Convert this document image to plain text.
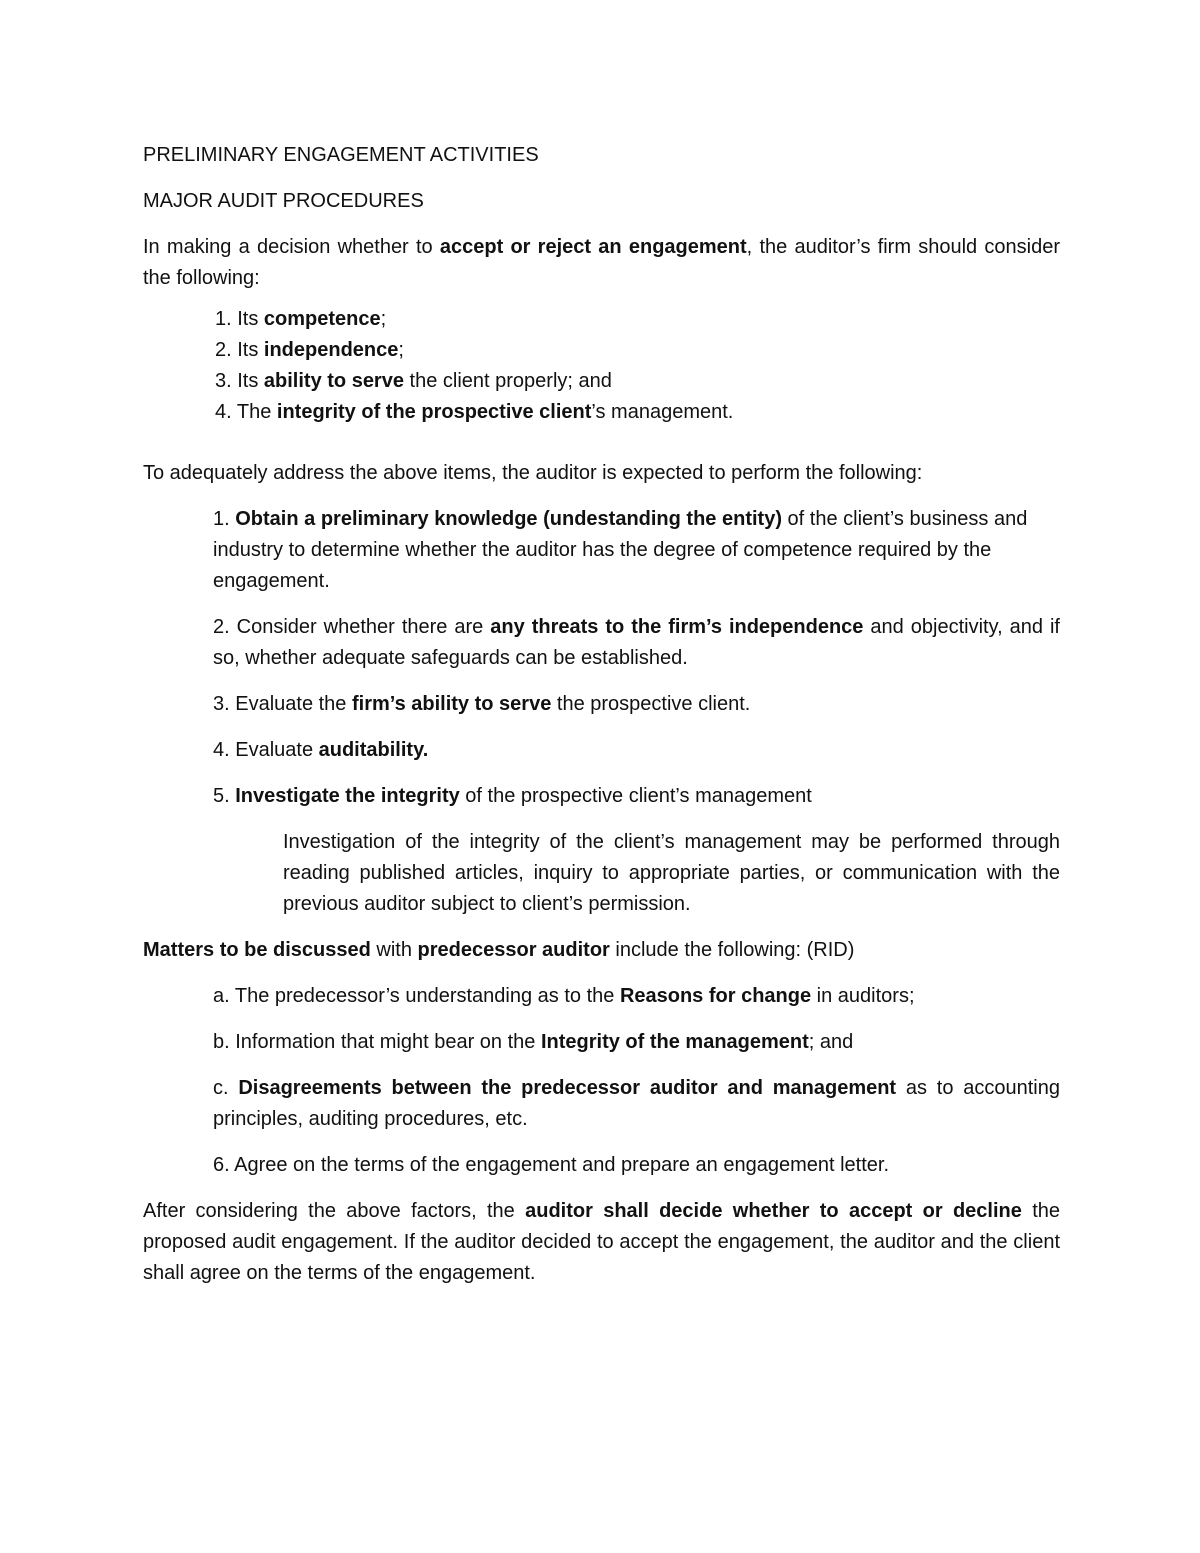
PRELIMINARY ENGAGEMENT ACTIVITIES

MAJOR AUDIT PROCEDURES

In making a decision whether to accept or reject an engagement, the auditor’s firm should consider the following:

1. Its competence;
2. Its independence;
3. Its ability to serve the client properly; and
4. The integrity of the prospective client’s management.

To adequately address the above items, the auditor is expected to perform the following:

1. Obtain a preliminary knowledge (undestanding the entity) of the client’s business and industry to determine whether the auditor has the degree of competence required by the engagement.

2. Consider whether there are any threats to the firm’s independence and objectivity, and if so, whether adequate safeguards can be established.

3. Evaluate the firm’s ability to serve the prospective client.

4. Evaluate auditability.

5. Investigate the integrity of the prospective client’s management

Investigation of the integrity of the client’s management may be performed through reading published articles, inquiry to appropriate parties, or communication with the previous auditor subject to client’s permission.

Matters to be discussed with predecessor auditor include the following: (RID)

a. The predecessor’s understanding as to the Reasons for change in auditors;

b. Information that might bear on the Integrity of the management; and

c. Disagreements between the predecessor auditor and management as to accounting principles, auditing procedures, etc.

6. Agree on the terms of the engagement and prepare an engagement letter.

After considering the above factors, the auditor shall decide whether to accept or decline the proposed audit engagement. If the auditor decided to accept the engagement, the auditor and the client shall agree on the terms of the engagement.
